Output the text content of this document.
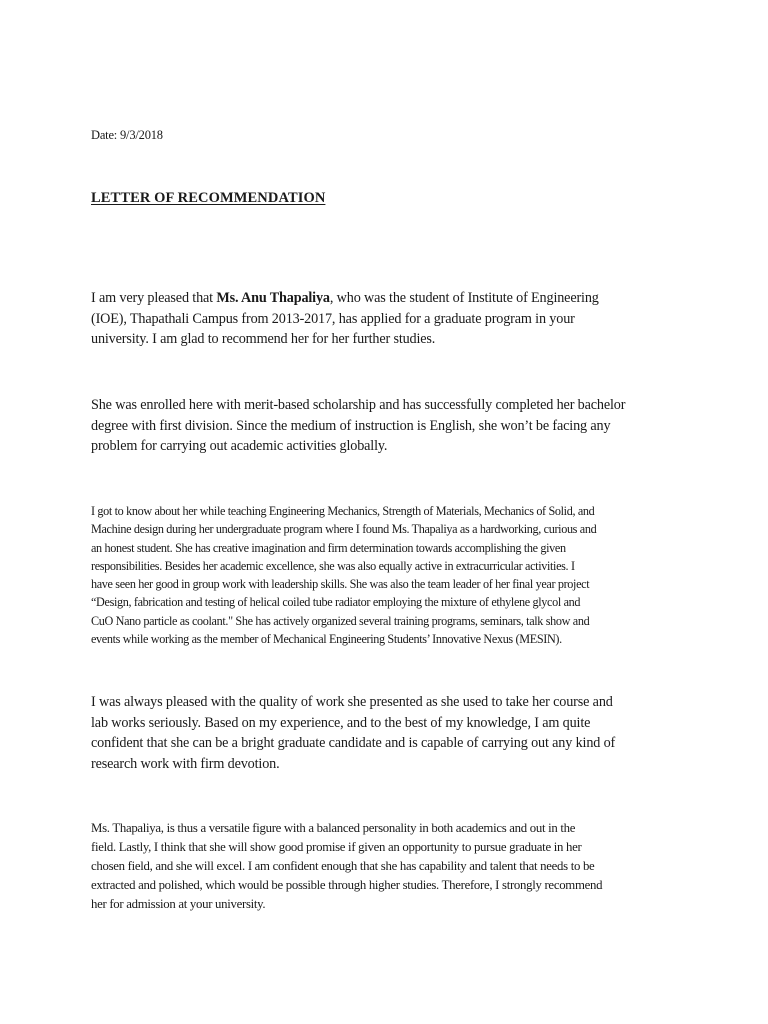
Date: 9/3/2018
LETTER OF RECOMMENDATION

I am very pleased that Ms. Anu Thapaliya, who was the student of Institute of Engineering
(IOE), Thapathali Campus from 2013-2017, has applied for a graduate program in your
university. I am glad to recommend her for her further studies.

She was enrolled here with merit-based scholarship and has successfully completed her bachelor
degree with first division. Since the medium of instruction is English, she won’t be facing any
problem for carrying out academic activities globally.

I got to know about her while teaching Engineering Mechanics, Strength of Materials, Mechanics of Solid, and
Machine design during her undergraduate program where I found Ms. Thapaliya as a hardworking, curious and
an honest student. She has creative imagination and firm determination towards accomplishing the given
responsibilities. Besides her academic excellence, she was also equally active in extracurricular activities. I
have seen her good in group work with leadership skills. She was also the team leader of her final year project
“Design, fabrication and testing of helical coiled tube radiator employing the mixture of ethylene glycol and
CuO Nano particle as coolant." She has actively organized several training programs, seminars, talk show and
events while working as the member of Mechanical Engineering Students’ Innovative Nexus (MESIN).

I was always pleased with the quality of work she presented as she used to take her course and
lab works seriously. Based on my experience, and to the best of my knowledge, I am quite
confident that she can be a bright graduate candidate and is capable of carrying out any kind of
research work with firm devotion.

Ms. Thapaliya, is thus a versatile figure with a balanced personality in both academics and out in the
field. Lastly, I think that she will show good promise if given an opportunity to pursue graduate in her
chosen field, and she will excel. I am confident enough that she has capability and talent that needs to be
extracted and polished, which would be possible through higher studies. Therefore, I strongly recommend
her for admission at your university.
